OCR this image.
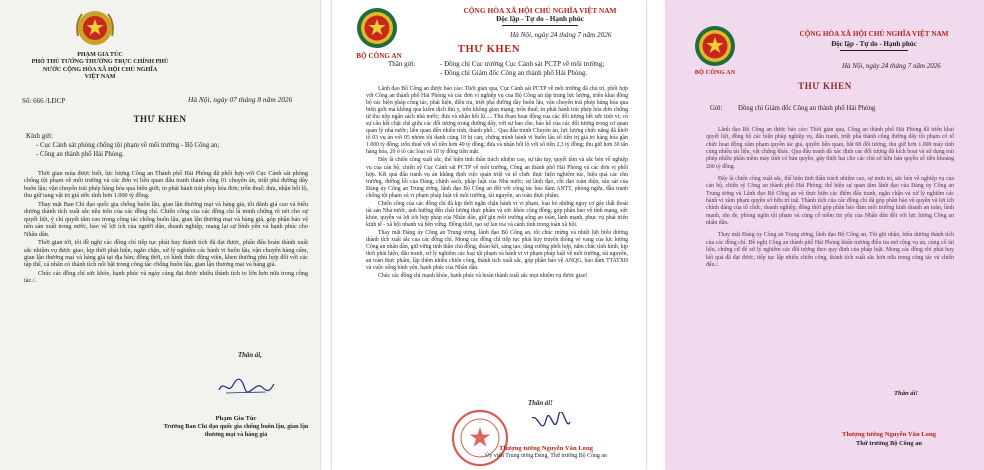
PHẠM GIA TÚC
PHÓ THỦ TƯỚNG THƯỜNG TRỰC CHÍNH PHỦ
NƯỚC CỘNG HÒA XÃ HỘI CHỦ NGHĨA
VIỆT NAM
Số: 666 /LĐCP	Hà Nội, ngày 07 tháng 8 năm 2026
THƯ KHEN
Kính gửi:
- Cục Cảnh sát phòng chống tội phạm về môi trường - Bộ Công an;
- Công an thành phố Hải Phòng.

Thời gian mùa được biết, lực lượng Công an Thành phố Hải Phòng đã phối hợp với Cục Cảnh sát phòng chống tội phạm về môi trường và các đơn vị liên quan đấu tranh thành công 01 chuyên án, triệt phá đường dây buôn lậu; vận chuyển trái phép hàng hóa qua biên giới; in phát hành trái phép hóa đơn; trốn thuế; đưa, nhận hối lộ, thu giữ tang vật trị giá ước tính hơn 1.000 tỷ đồng.

Thay mặt Ban Chỉ đạo quốc gia chống buôn lậu, gian lận thương mại và hàng giả, tôi đánh giá cao và biểu dương thành tích xuất sắc nêu trên của các đồng chí. Chiến công của các đồng chí là minh chứng rõ nét cho sự quyết liệt, ý chí quyết tâm cao trong công tác chống buôn lậu, gian lận thương mại và hàng giả, góp phần bảo vệ nền sản xuất trong nước, bảo vệ lợi ích của người dân, doanh nghiệp, mang lại sự bình yên và hạnh phúc cho Nhân dân.

Thời gian tới, tôi đề nghị các đồng chí tiếp tục phát huy thành tích đã đạt được, phấn đấu hoàn thành xuất sắc nhiệm vụ được giao, kịp thời phát hiện, ngăn chặn, xử lý nghiêm các hành vi buôn lậu, vận chuyển hàng cấm, gian lận thương mại và hàng giả tại địa bàn; đồng thời, có hình thức động viên, khen thưởng phù hợp đối với các tập thể, cá nhân có thành tích nổi bật trong công tác chống buôn lậu, gian lận thương mại và hàng giả.

Chúc các đồng chí sức khỏe, hạnh phúc và ngày càng đạt được nhiều thành tích to lớn hơn nữa trong công tác./.

Thân ái,
Phạm Gia Túc
Trưởng Ban Chỉ đạo quốc gia chống buôn lậu, gian lận thương mại và hàng giả
BỘ CÔNG AN
CỘNG HÒA XÃ HỘI CHỦ NGHĨA VIỆT NAM
Độc lập - Tự do - Hạnh phúc
Hà Nội, ngày 24 tháng 7 năm 2026
THƯ KHEN
Thân gửi:	- Đồng chí Cục trưởng Cục Cảnh sát PCTP về môi trường;
- Đồng chí Giám đốc Công an thành phố Hải Phòng.

Lãnh đạo Bộ Công an được báo cáo: Thời gian qua, Cục Cảnh sát PCTP về môi trường đã chủ trì, phối hợp với Công an thành phố Hải Phòng và các đơn vị nghiệp vụ của Bộ Công an tập trung lực lượng, triển khai đồng bộ các biện pháp công tác, phát hiện, điều tra, triệt phá đường dây buôn lậu, vận chuyển trái phép hàng hóa qua biên giới mà không qua kiểm dịch thú y, trên không gian mạng; trốn thuế; in phát hành trái phép hóa đơn chứng từ thu nộp ngân sách nhà nước; đưa và nhận hối lộ..... Thủ đoạn hoạt động của các đối tượng hết sức tinh vi; có sự câu kết chặt chẽ giữa các đối tượng trong đường dây, với sự bao che, bảo kê của các đối tượng trong cơ quan quản lý nhà nước; liên quan đến nhiều tỉnh, thành phố... Qua đấu tranh Chuyên án, lực lượng chức năng đã khởi tố 03 vụ án với 05 nhóm tội danh cùng 18 bị can; chứng minh hành vi buôn lậu số tiền trị giá trị hàng hóa gần 1.000 tỷ đồng; trốn thuế với số tiền hơn 40 tỷ đồng; đưa và nhận hối lộ với số tiền 2,3 tỷ đồng; thu giữ hơn 30 tấn hàng hóa, 20 ô tô các loại và 10 tỷ đồng tiền mặt.

Đây là chiến công xuất sắc, thể hiện tinh thần trách nhiệm cao, sự tận tụy, quyết tâm và sắc bén về nghiệp vụ của cán bộ, chiến sỹ Cục Cảnh sát PCTP về môi trường, Công an thành phố Hải Phòng và các đơn vị phối hợp. Kết quả đấu tranh vụ án khẳng định việc quán triệt và tổ chức thực hiện nghiêm túc, hiệu quả các chủ trương, đường lối của Đảng, chính sách, pháp luật của Nhà nước; sự lãnh đạo, chỉ đạo toàn diện, sâu sát của Đảng ủy Công an Trung ương, lãnh đạo Bộ Công an đối với công tác bảo đảm ANTT, phòng ngừa, đấu tranh chống tội phạm và vi phạm pháp luật về môi trường, tài nguyên, an toàn thực phẩm.

Chiến công của các đồng chí đã kịp thời ngăn chặn hành vi vi phạm, loại bỏ những nguy cơ gây thất thoát tài sản Nhà nước, ảnh hưởng đến chất lượng thực phẩm và sức khỏe cộng đồng; góp phần bảo vệ tính mạng, sức khỏe, quyền và lợi ích hợp pháp của Nhân dân, giữ gìn môi trường sống an toàn, lành mạnh, phục vụ phát triển kinh tế - xã hội nhanh và bền vững. Đồng thời, tạo sự lan tỏa và cảnh tỉnh trong toàn xã hội.

Thay mặt Đảng ủy Công an Trung ương, lãnh đạo Bộ Công an, tôi chúc mừng và nhiệt liệt biểu dương thành tích xuất sắc của các đồng chí. Mong các đồng chí tiếp tục phát huy truyền thống vẻ vang của lực lượng Công an nhân dân, giữ vững tinh thần chủ động, đoàn kết, sáng tạo; tăng cường phối hợp, nắm chắc tình hình, kịp thời phát hiện, đấu tranh, xử lý nghiêm các loại tội phạm và hành vi vi phạm pháp luật về môi trường, tài nguyên, an toàn thực phẩm, lập thêm nhiều chiến công, thành tích xuất sắc, góp phần bảo vệ ANQG, bảo đảm TTATXH và cuộc sống bình yên, hạnh phúc của Nhân dân.

Chúc các đồng chí mạnh khỏe, hạnh phúc và hoàn thành xuất sắc mọi nhiệm vụ được giao!

Thân ái!
Thượng tướng Nguyễn Văn Long
Ủy viên Trung ương Đảng, Thứ trưởng Bộ Công an
BỘ CÔNG AN
CỘNG HÒA XÃ HỘI CHỦ NGHĨA VIỆT NAM
Độc lập - Tự do - Hạnh phúc
Hà Nội, ngày 24 tháng 7 năm 2026
THƯ KHEN
Gửi: Đồng chí Giám đốc Công an thành phố Hải Phòng

Lãnh đạo Bộ Công an được báo cáo: Thời gian qua, Công an thành phố Hải Phòng đã triển khai quyết liệt, đồng bộ các biện pháp nghiệp vụ, đấu tranh, triệt phá thành công đường dây tội phạm có tổ chức hoạt động xâm phạm quyền tác giả, quyền liên quan, bắt 08 đối tượng, thu giữ hơn 1.000 máy tính cùng nhiều tài liệu, vật chứng khác. Qua đấu tranh đã xác định các đối tượng đã kích hoạt và sử dụng trái phép nhiều phần mềm máy tính có bản quyền, gây thiệt hại cho các chủ sở hữu bản quyền số tiền khoảng 200 tỷ đồng.

Đây là chiến công xuất sắc, thể hiện tinh thần trách nhiệm cao, sự mưu trí, sắc bén về nghiệp vụ của cán bộ, chiến sỹ Công an thành phố Hải Phòng; thể hiện sự quan tâm lãnh đạo của Đảng ủy Công an Trung ương và Lãnh đạo Bộ Công an về thực hiện các điểm đấu tranh, ngăn chặn và xử lý nghiêm các hành vi xâm phạm quyền sở hữu trí tuệ. Thành tích của các đồng chí đã góp phần bảo vệ quyền và lợi ích chính đáng của tổ chức, doanh nghiệp, đồng thời góp phần bảo đảm môi trường kinh doanh an toàn, lành mạnh, răn đe, phòng ngừa tội phạm và củng cố niềm tin yêu của Nhân dân đối với lực lượng Công an nhân dân.

Thay mặt Đảng ủy Công an Trung ương, lãnh đạo Bộ Công an, Tôi ghi nhận, biểu dương thành tích của các đồng chí. Đề nghị Công an thành phố Hải Phòng khẩn trương điều tra mở rộng vụ án, củng cố tài liệu, chứng cứ để xử lý nghiêm các đối tượng theo quy định của pháp luật. Mong các đồng chí phát huy kết quả đã đạt được, tiếp tục lập nhiều chiến công, thành tích xuất sắc hơn nữa trong công tác và chiến đấu./.

Thân ái!
Thượng tướng Nguyễn Văn Long
Thứ trưởng Bộ Công an
